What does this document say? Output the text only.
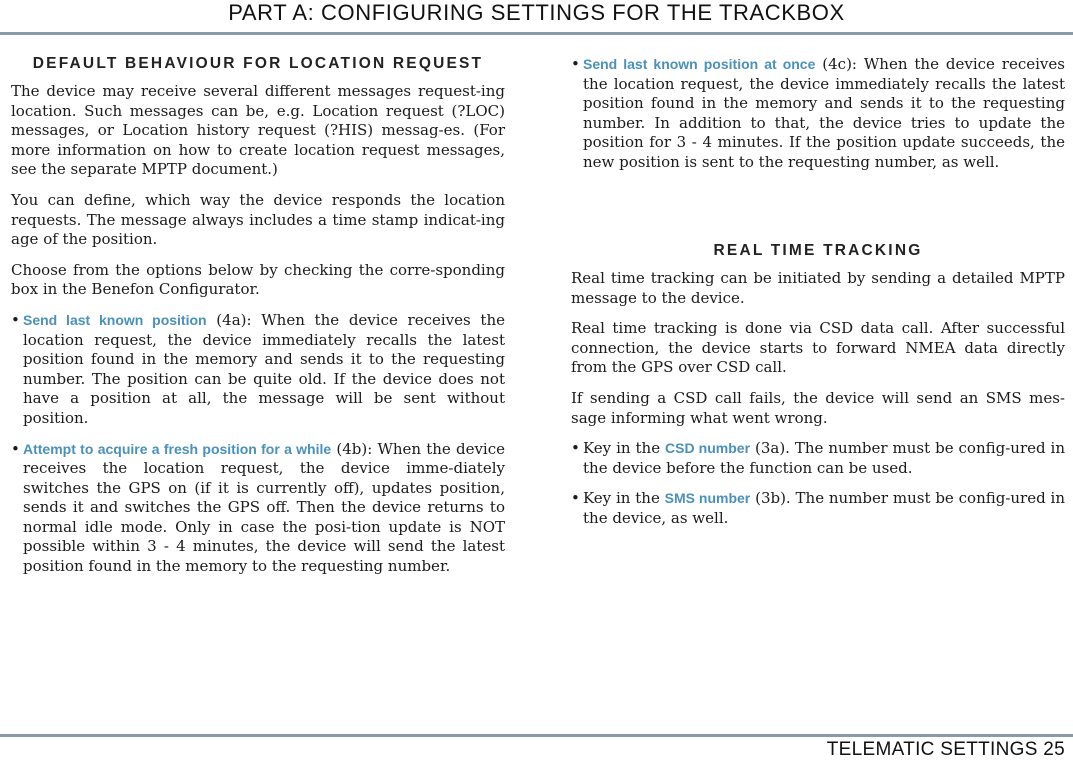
PART A: CONFIGURING SETTINGS FOR THE TRACKBOX
DEFAULT BEHAVIOUR FOR LOCATION REQUEST

The device may receive several different messages request-ing location. Such messages can be, e.g. Location request (?LOC) messages, or Location history request (?HIS) messag-es. (For more information on how to create location request messages, see the separate MPTP document.)

You can define, which way the device responds the location requests. The message always includes a time stamp indicat-ing age of the position.

Choose from the options below by checking the corre-sponding box in the Benefon Configurator.

• Send last known position (4a): When the device receives the location request, the device immediately recalls the latest position found in the memory and sends it to the requesting number. The position can be quite old. If the device does not have a position at all, the message will be sent without position.

• Attempt to acquire a fresh position for a while (4b): When the device receives the location request, the device imme-diately switches the GPS on (if it is currently off), updates position, sends it and switches the GPS off. Then the device returns to normal idle mode. Only in case the posi-tion update is NOT possible within 3 - 4 minutes, the device will send the latest position found in the memory to the requesting number.

• Send last known position at once (4c): When the device receives the location request, the device immediately recalls the latest position found in the memory and sends it to the requesting number. In addition to that, the device tries to update the position for 3 - 4 minutes. If the position update succeeds, the new position is sent to the requesting number, as well.

REAL TIME TRACKING

Real time tracking can be initiated by sending a detailed MPTP message to the device.

Real time tracking is done via CSD data call. After successful connection, the device starts to forward NMEA data directly from the GPS over CSD call.

If sending a CSD call fails, the device will send an SMS mes-sage informing what went wrong.

• Key in the CSD number (3a). The number must be config-ured in the device before the function can be used.

• Key in the SMS number (3b). The number must be config-ured in the device, as well.

TELEMATIC SETTINGS 25
